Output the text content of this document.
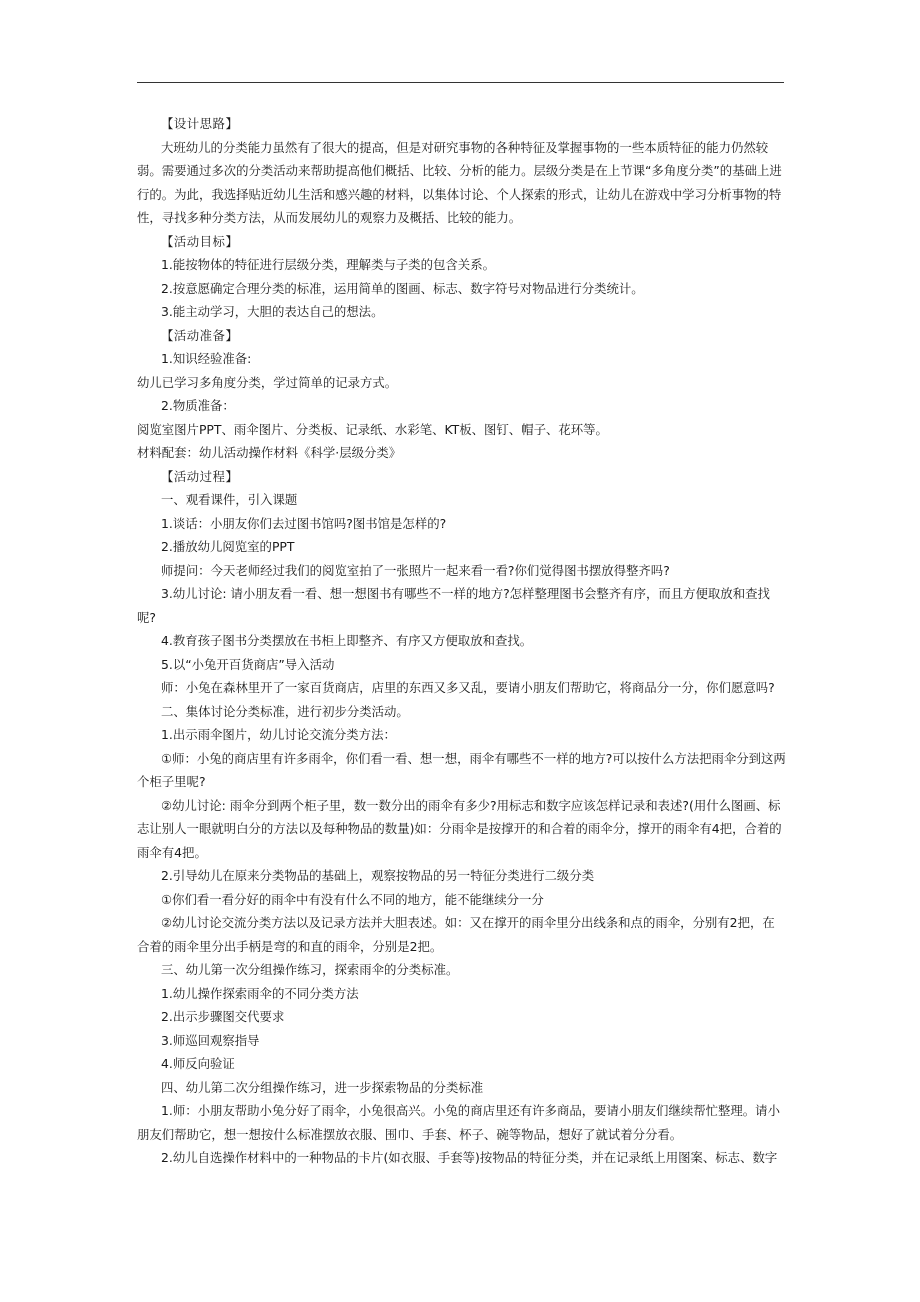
【设计思路】

大班幼儿的分类能力虽然有了很大的提高，但是对研究事物的各种特征及掌握事物的一些本质特征的能力仍然较弱。需要通过多次的分类活动来帮助提高他们概括、比较、分析的能力。层级分类是在上节课“多角度分类”的基础上进行的。为此，我选择贴近幼儿生活和感兴趣的材料，以集体讨论、个人探索的形式，让幼儿在游戏中学习分析事物的特性，寻找多种分类方法，从而发展幼儿的观察力及概括、比较的能力。

【活动目标】

1.能按物体的特征进行层级分类，理解类与子类的包含关系。

2.按意愿确定合理分类的标准，运用简单的图画、标志、数字符号对物品进行分类统计。

3.能主动学习，大胆的表达自己的想法。

【活动准备】

1.知识经验准备:

幼儿已学习多角度分类，学过简单的记录方式。

2.物质准备：

阅览室图片PPT、雨伞图片、分类板、记录纸、水彩笔、KT板、图钉、帽子、花环等。

材料配套：幼儿活动操作材料《科学·层级分类》

【活动过程】

一、观看课件，引入课题

1.谈话：小朋友你们去过图书馆吗?图书馆是怎样的?

2.播放幼儿阅览室的PPT

师提问：今天老师经过我们的阅览室拍了一张照片一起来看一看?你们觉得图书摆放得整齐吗?

3.幼儿讨论: 请小朋友看一看、想一想图书有哪些不一样的地方?怎样整理图书会整齐有序，而且方便取放和查找呢?

4.教育孩子图书分类摆放在书柜上即整齐、有序又方便取放和查找。

5.以“小兔开百货商店”导入活动

师：小兔在森林里开了一家百货商店，店里的东西又多又乱，要请小朋友们帮助它，将商品分一分，你们愿意吗?

二、集体讨论分类标准，进行初步分类活动。

1.出示雨伞图片，幼儿讨论交流分类方法：

①师：小兔的商店里有许多雨伞，你们看一看、想一想，雨伞有哪些不一样的地方?可以按什么方法把雨伞分到这两个柜子里呢?

②幼儿讨论: 雨伞分到两个柜子里，数一数分出的雨伞有多少?用标志和数字应该怎样记录和表述?(用什么图画、标志让别人一眼就明白分的方法以及每种物品的数量)如：分雨伞是按撑开的和合着的雨伞分，撑开的雨伞有4把，合着的雨伞有4把。

2.引导幼儿在原来分类物品的基础上，观察按物品的另一特征分类进行二级分类

①你们看一看分好的雨伞中有没有什么不同的地方，能不能继续分一分

②幼儿讨论交流分类方法以及记录方法并大胆表述。如：又在撑开的雨伞里分出线条和点的雨伞，分别有2把，在合着的雨伞里分出手柄是弯的和直的雨伞，分别是2把。

三、幼儿第一次分组操作练习，探索雨伞的分类标准。

1.幼儿操作探索雨伞的不同分类方法

2.出示步骤图交代要求

3.师巡回观察指导

4.师反向验证

四、幼儿第二次分组操作练习，进一步探索物品的分类标准

1.师：小朋友帮助小兔分好了雨伞，小兔很高兴。小兔的商店里还有许多商品，要请小朋友们继续帮忙整理。请小朋友们帮助它，想一想按什么标准摆放衣服、围巾、手套、杯子、碗等物品，想好了就试着分分看。

2.幼儿自选操作材料中的一种物品的卡片(如衣服、手套等)按物品的特征分类，并在记录纸上用图案、标志、数字
